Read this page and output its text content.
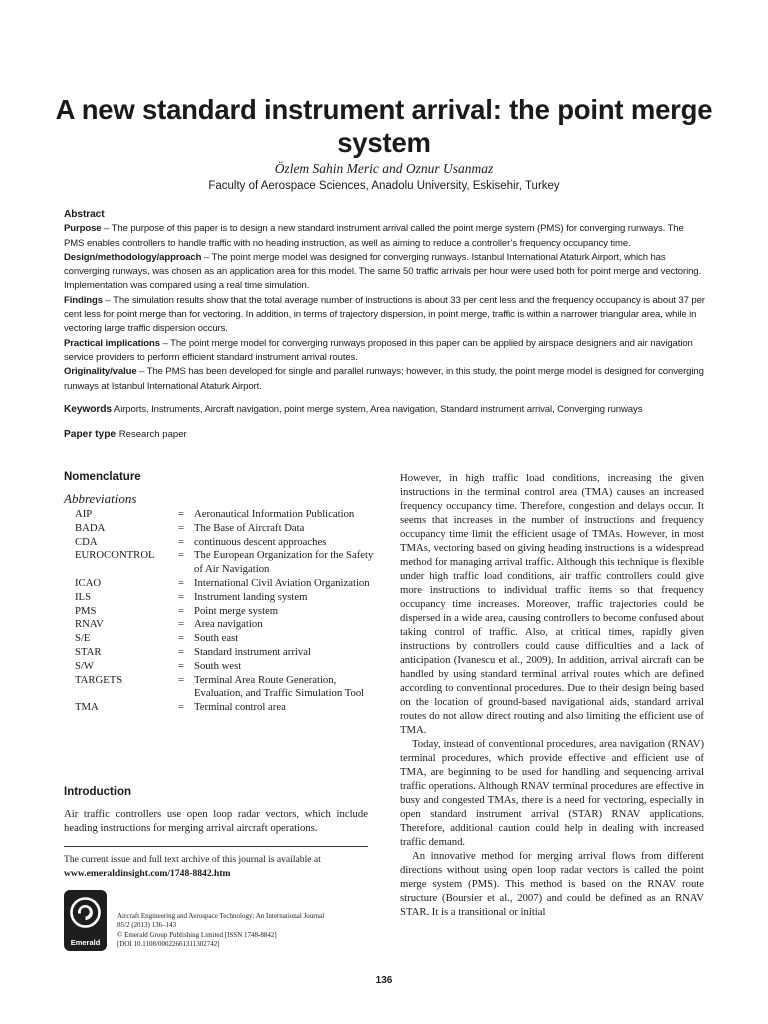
A new standard instrument arrival: the point merge system
Özlem Sahin Meric and Oznur Usanmaz
Faculty of Aerospace Sciences, Anadolu University, Eskisehir, Turkey
Abstract

Purpose – The purpose of this paper is to design a new standard instrument arrival called the point merge system (PMS) for converging runways. The PMS enables controllers to handle traffic with no heading instruction, as well as aiming to reduce a controller’s frequency occupancy time.

Design/methodology/approach – The point merge model was designed for converging runways. Istanbul International Ataturk Airport, which has converging runways, was chosen as an application area for this model. The same 50 traffic arrivals per hour were used both for point merge and vectoring. Implementation was compared using a real time simulation.

Findings – The simulation results show that the total average number of instructions is about 33 per cent less and the frequency occupancy is about 37 per cent less for point merge than for vectoring. In addition, in terms of trajectory dispersion, in point merge, traffic is within a narrower triangular area, while in vectoring large traffic dispersion occurs.

Practical implications – The point merge model for converging runways proposed in this paper can be applied by airspace designers and air navigation service providers to perform efficient standard instrument arrival routes.

Originality/value – The PMS has been developed for single and parallel runways; however, in this study, the point merge model is designed for converging runways at Istanbul International Ataturk Airport.

Keywords Airports, Instruments, Aircraft navigation, point merge system, Area navigation, Standard instrument arrival, Converging runways
Paper type Research paper
Nomenclature
Abbreviations
AIP	= Aeronautical Information Publication
BADA	= The Base of Aircraft Data
CDA	= continuous descent approaches
EUROCONTROL	= The European Organization for the Safety of Air Navigation
ICAO	= International Civil Aviation Organization
ILS	= Instrument landing system
PMS	= Point merge system
RNAV	= Area navigation
S/E	= South east
STAR	= Standard instrument arrival
S/W	= South west
TARGETS	= Terminal Area Route Generation, Evaluation, and Traffic Simulation Tool
TMA	= Terminal control area
Introduction
Air traffic controllers use open loop radar vectors, which include heading instructions for merging arrival aircraft operations.
The current issue and full text archive of this journal is available at
www.emeraldinsight.com/1748-8842.htm
Emerald
Aircraft Engineering and Aerospace Technology: An International Journal
85/2 (2013) 136–143
© Emerald Group Publishing Limited [ISSN 1748-8842]
[DOI 10.1108/00022661311302742]

However, in high traffic load conditions, increasing the given instructions in the terminal control area (TMA) causes an increased frequency occupancy time. Therefore, congestion and delays occur. It seems that increases in the number of instructions and frequency occupancy time limit the efficient usage of TMAs. However, in most TMAs, vectoring based on giving heading instructions is a widespread method for managing arrival traffic. Although this technique is flexible under high traffic load conditions, air traffic controllers could give more instructions to individual traffic items so that frequency occupancy time increases. Moreover, traffic trajectories could be dispersed in a wide area, causing controllers to become confused about taking control of traffic. Also, at critical times, rapidly given instructions by controllers could cause difficulties and a lack of anticipation (Ivanescu et al., 2009). In addition, arrival aircraft can be handled by using standard terminal arrival routes which are defined according to conventional procedures. Due to their design being based on the location of ground-based navigational aids, standard arrival routes do not allow direct routing and also limiting the efficient use of TMA.

Today, instead of conventional procedures, area navigation (RNAV) terminal procedures, which provide effective and efficient use of TMA, are beginning to be used for handling and sequencing arrival traffic operations. Although RNAV terminal procedures are effective in busy and congested TMAs, there is a need for vectoring, especially in open standard instrument arrival (STAR) RNAV applications. Therefore, additional caution could help in dealing with increased traffic demand.

An innovative method for merging arrival flows from different directions without using open loop radar vectors is called the point merge system (PMS). This method is based on the RNAV route structure (Boursier et al., 2007) and could be defined as an RNAV STAR. It is a transitional or initial

136
